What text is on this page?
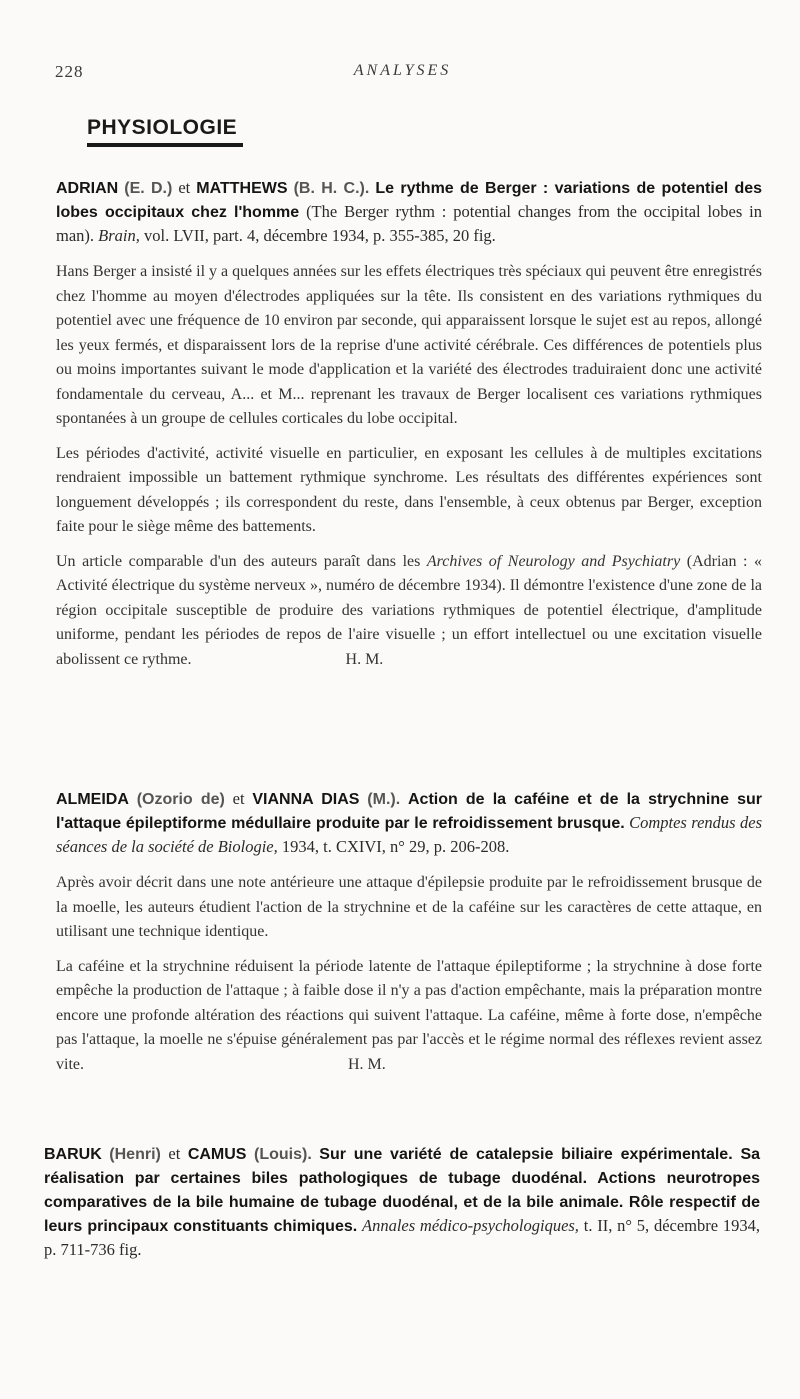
228	ANALYSES
PHYSIOLOGIE
ADRIAN (E. D.) et MATTHEWS (B. H. C.). Le rythme de Berger : variations de potentiel des lobes occipitaux chez l'homme (The Berger rythm : potential changes from the occipital lobes in man). Brain, vol. LVII, part. 4, décembre 1934, p. 355-385, 20 fig.

Hans Berger a insisté il y a quelques années sur les effets électriques très spéciaux qui peuvent être enregistrés chez l'homme au moyen d'électrodes appliquées sur la tête. Ils consistent en des variations rythmiques du potentiel avec une fréquence de 10 environ par seconde, qui apparaissent lorsque le sujet est au repos, allongé les yeux fermés, et disparaissent lors de la reprise d'une activité cérébrale. Ces différences de potentiels plus ou moins importantes suivant le mode d'application et la variété des électrodes traduiraient donc une activité fondamentale du cerveau, A... et M... reprenant les travaux de Berger localisent ces variations rythmiques spontanées à un groupe de cellules corticales du lobe occipital.

Les périodes d'activité, activité visuelle en particulier, en exposant les cellules à de multiples excitations rendraient impossible un battement rythmique synchrome. Les résultats des différentes expériences sont longuement développés ; ils correspondent du reste, dans l'ensemble, à ceux obtenus par Berger, exception faite pour le siège même des battements.

Un article comparable d'un des auteurs paraît dans les Archives of Neurology and Psychiatry (Adrian : « Activité électrique du système nerveux », numéro de décembre 1934). Il démontre l'existence d'une zone de la région occipitale susceptible de produire des variations rythmiques de potentiel électrique, d'amplitude uniforme, pendant les périodes de repos de l'aire visuelle ; un effort intellectuel ou une excitation visuelle abolissent ce rythme.	H. M.

ALMEIDA (Ozorio de) et VIANNA DIAS (M.). Action de la caféine et de la strychnine sur l'attaque épileptiforme médullaire produite par le refroidissement brusque. Comptes rendus des séances de la société de Biologie, 1934, t. CXIVI, n° 29, p. 206-208.

Après avoir décrit dans une note antérieure une attaque d'épilepsie produite par le refroidissement brusque de la moelle, les auteurs étudient l'action de la strychnine et de la caféine sur les caractères de cette attaque, en utilisant une technique identique.

La caféine et la strychnine réduisent la période latente de l'attaque épileptiforme ; la strychnine à dose forte empêche la production de l'attaque ; à faible dose il n'y a pas d'action empêchante, mais la préparation montre encore une profonde altération des réactions qui suivent l'attaque. La caféine, même à forte dose, n'empêche pas l'attaque, la moelle ne s'épuise généralement pas par l'accès et le régime normal des réflexes revient assez vite.	H. M.

BARUK (Henri) et CAMUS (Louis). Sur une variété de catalepsie biliaire expérimentale. Sa réalisation par certaines biles pathologiques de tubage duodénal. Actions neurotropes comparatives de la bile humaine de tubage duodénal, et de la bile animale. Rôle respectif de leurs principaux constituants chimiques. Annales médico-psychologiques, t. II, n° 5, décembre 1934, p. 711-736 fig.
